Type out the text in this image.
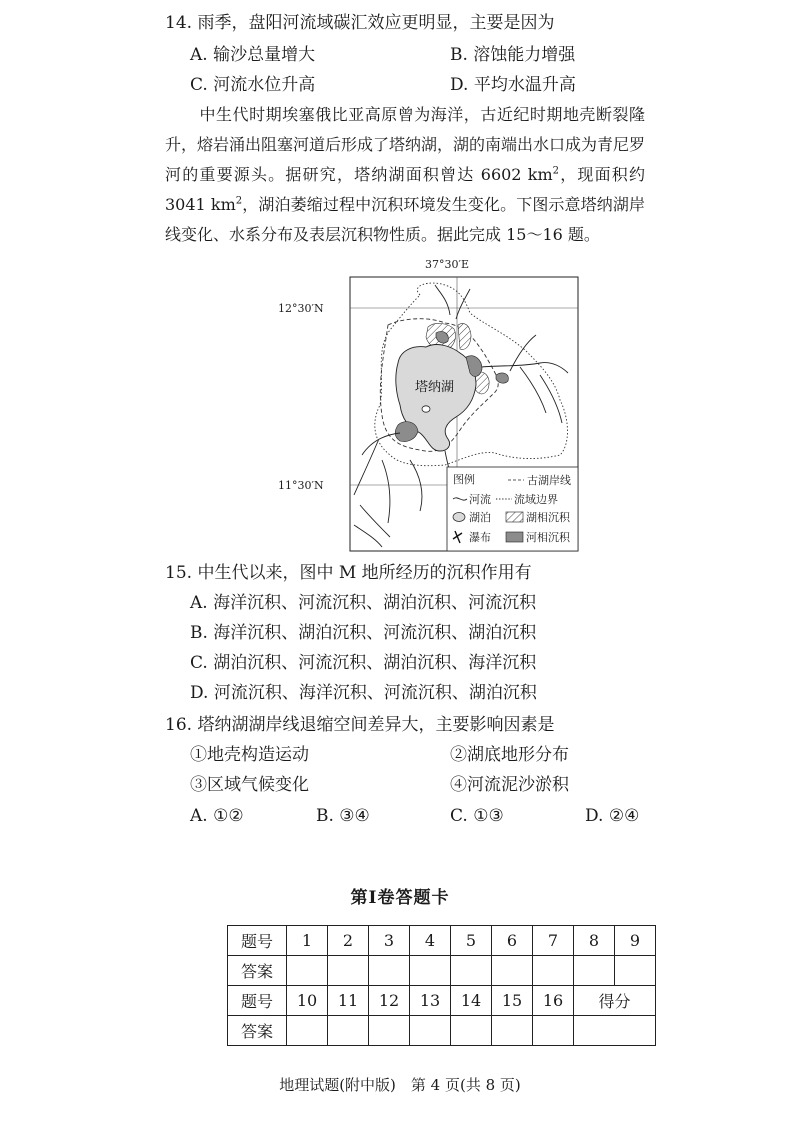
14. 雨季，盘阳河流域碳汇效应更明显，主要是因为
A. 输沙总量增大	B. 溶蚀能力增强
C. 河流水位升高	D. 平均水温升高
中生代时期埃塞俄比亚高原曾为海洋，古近纪时期地壳断裂隆升，熔岩涌出阻塞河道后形成了塔纳湖，湖的南端出水口成为青尼罗河的重要源头。据研究，塔纳湖面积曾达 6602 $km^2$，现面积约 3041 $km^2$，湖泊萎缩过程中沉积环境发生变化。下图示意塔纳湖岸线变化、水系分布及表层沉积物性质。据此完成 15～16 题。
37°30′E
12°30′N
11°30′N
塔纳湖
图例	古湖岸线
河流 流域边界
湖泊	湖相沉积
瀑布	河相沉积
15. 中生代以来，图中 M 地所经历的沉积作用有
A. 海洋沉积、河流沉积、湖泊沉积、河流沉积
B. 海洋沉积、湖泊沉积、河流沉积、湖泊沉积
C. 湖泊沉积、河流沉积、湖泊沉积、海洋沉积
D. 河流沉积、海洋沉积、河流沉积、湖泊沉积
16. 塔纳湖湖岸线退缩空间差异大，主要影响因素是
①地壳构造运动	②湖底地形分布
③区域气候变化	④河流泥沙淤积
A. ①②	B. ③④	C. ①③	D. ②④
第Ⅰ卷答题卡
题号	1	2	3	4	5	6	7	8	9
答案									
题号	10	11	12	13	14	15	16	得分	
答案									
地理试题(附中版)　第 4 页(共 8 页)
